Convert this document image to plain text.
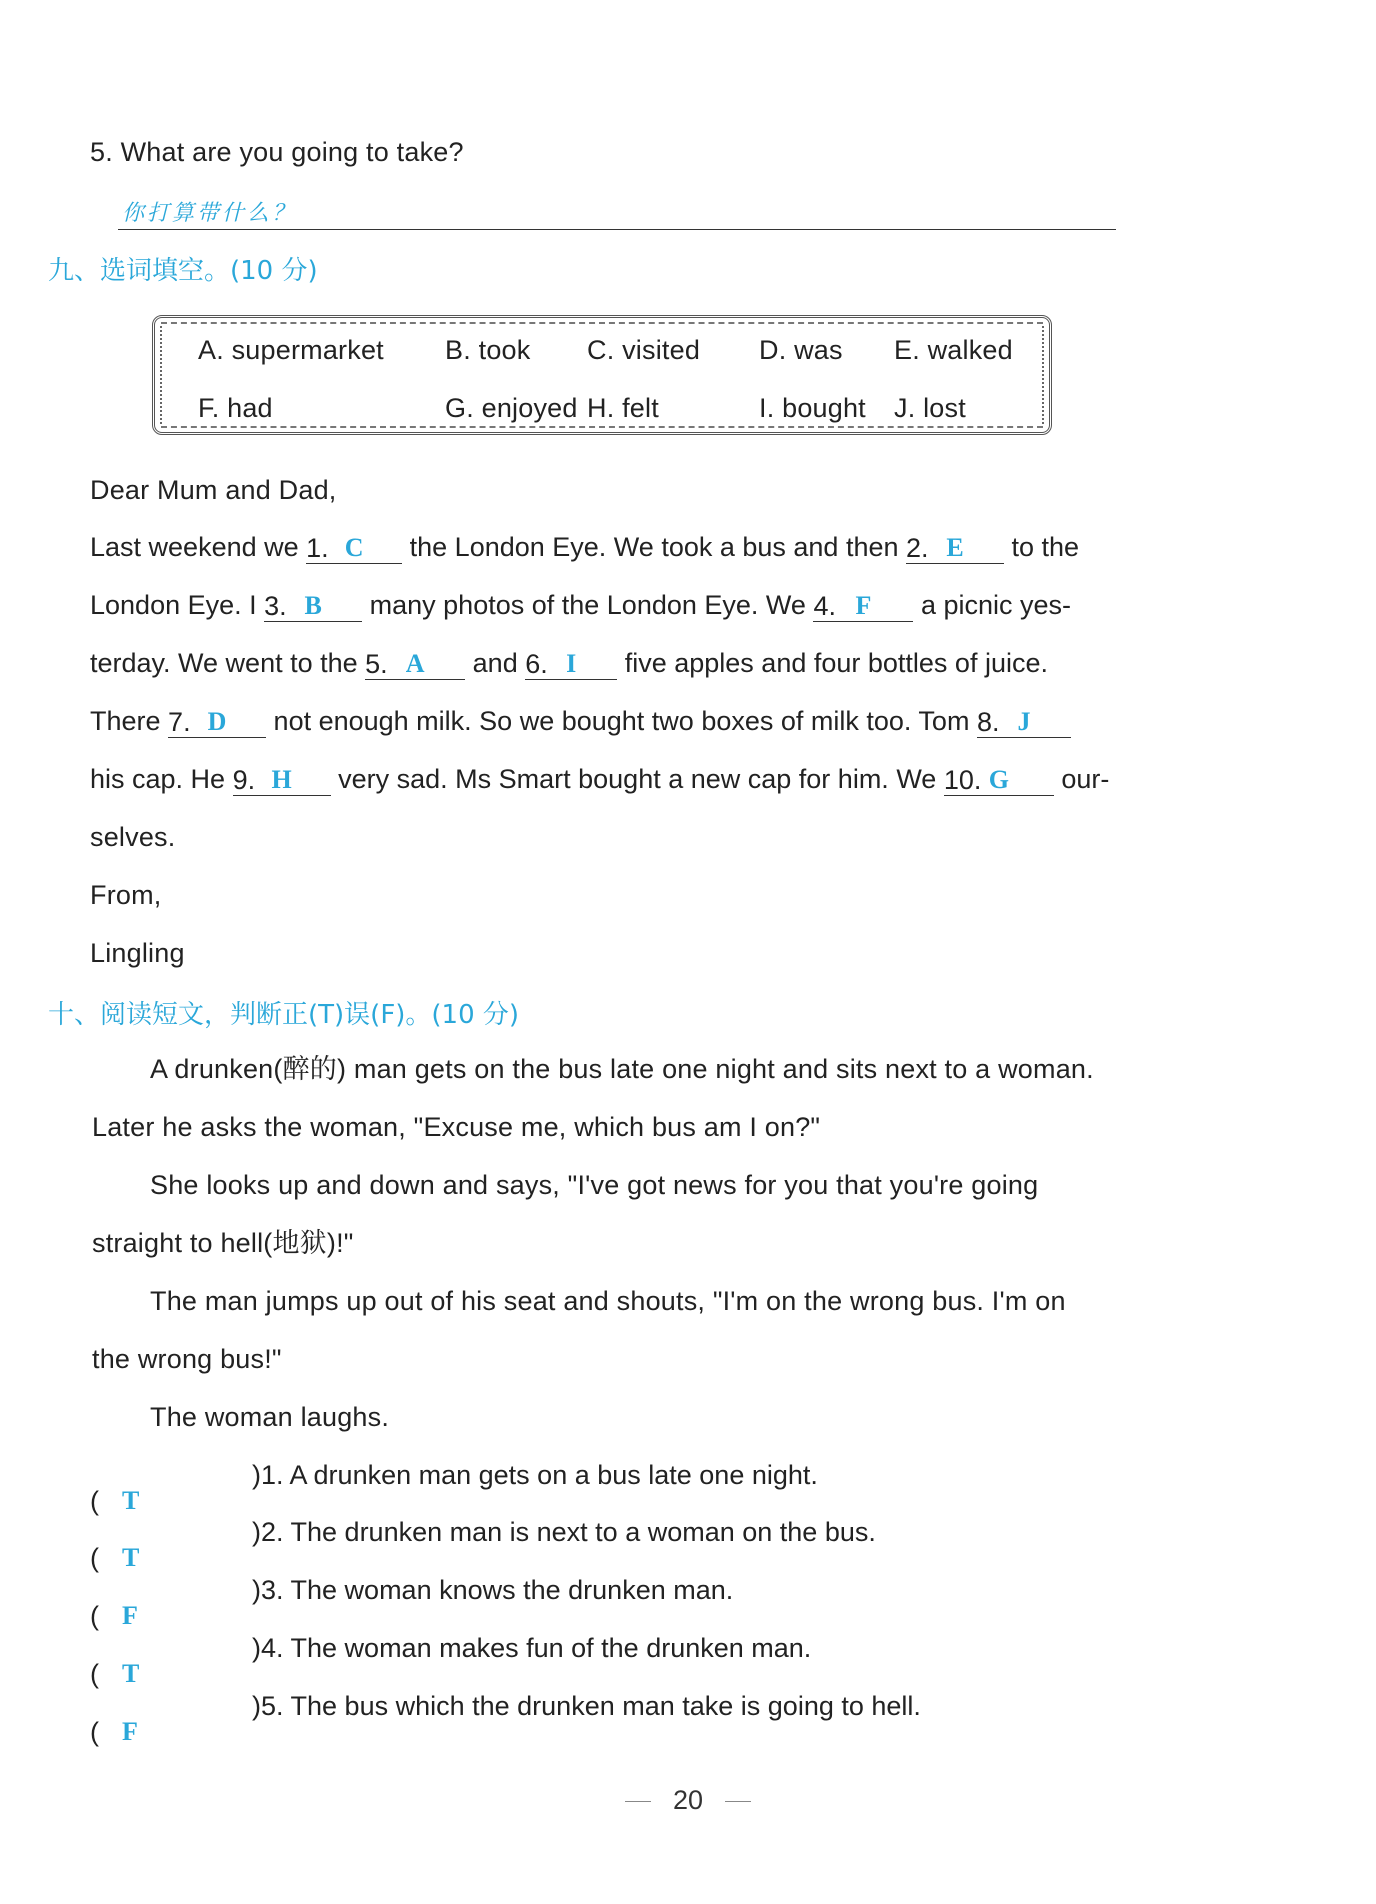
5. What are you going to take?
你打算带什么？
九、选词填空。(10 分)
A. supermarket B. took C. visited D. was E. walked
F. had	G. enjoyed H. felt	I. bought J. lost
Dear Mum and Dad,
Last weekend we 1. C the London Eye. We took a bus and then 2. E to the
London Eye. I 3. B many photos of the London Eye. We 4. F a picnic yes-
terday. We went to the 5. A and 6. I five apples and four bottles of juice.
There 7. D not enough milk. So we bought two boxes of milk too. Tom 8. J
his cap. He 9. H very sad. Ms Smart bought a new cap for him. We 10. G our-
selves.
From,
Lingling
十、阅读短文，判断正(T)误(F)。(10 分)
A drunken(醉的) man gets on the bus late one night and sits next to a woman.
Later he asks the woman, "Excuse me, which bus am I on?"
She looks up and down and says, "I've got news for you that you're going
straight to hell(地狱)!"
The man jumps up out of his seat and shouts, "I'm on the wrong bus. I'm on
the wrong bus!"
The woman laughs.
( T
)1. A drunken man gets on a bus late one night.
( T
)2. The drunken man is next to a woman on the bus.
( F
)3. The woman knows the drunken man.
( T
)4. The woman makes fun of the drunken man.
( F
)5. The bus which the drunken man take is going to hell.
20
